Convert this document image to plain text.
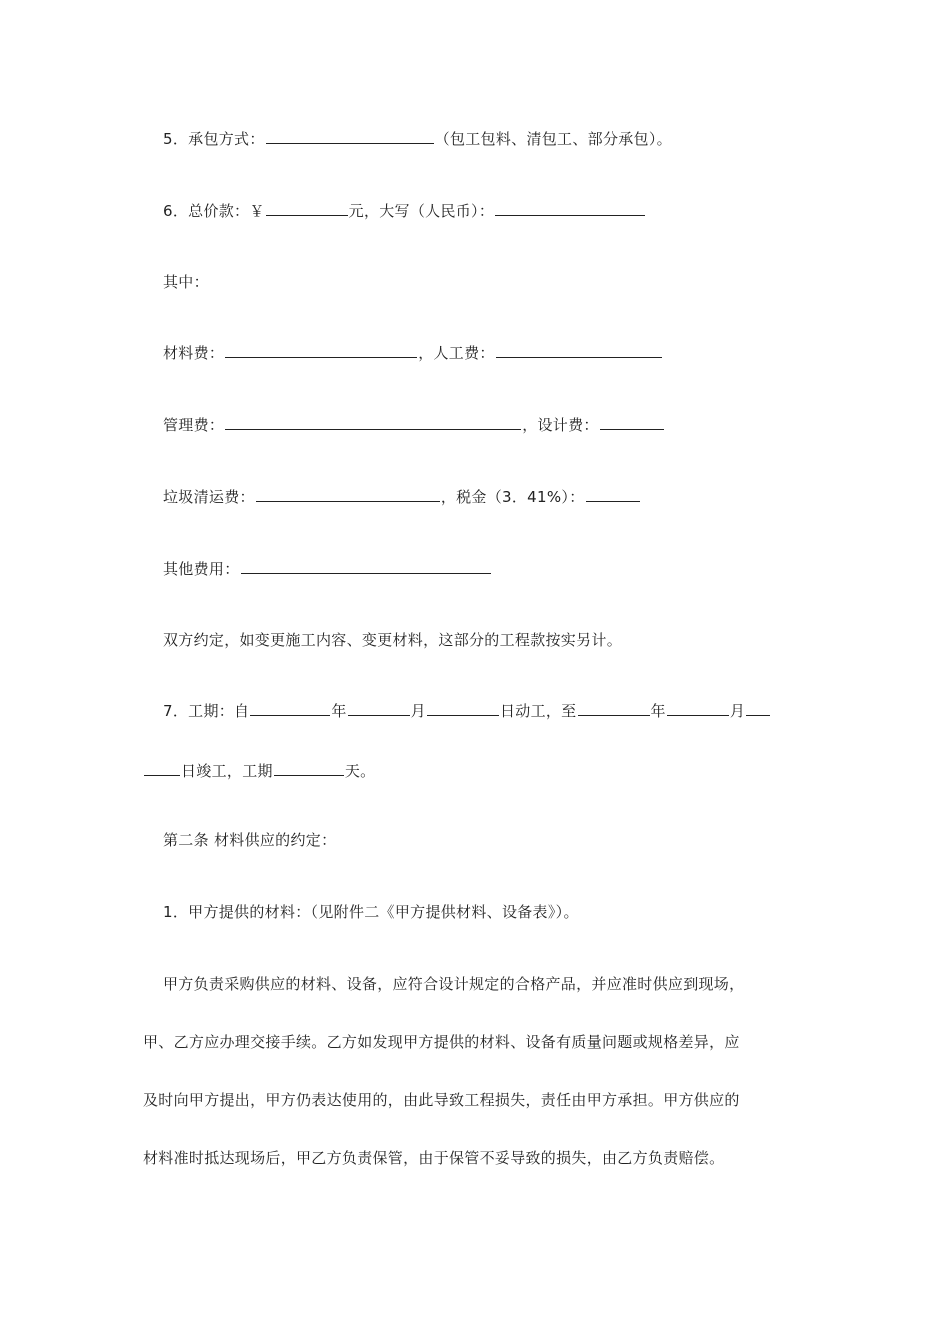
5．承包方式：	（包工包料、清包工、部分承包）。
6．总价款：￥	元，大写（人民币）：
其中：
材料费：	，人工费：
管理费：	，设计费：
垃圾清运费：	，税金（3．41%）：
其他费用：
双方约定，如变更施工内容、变更材料，这部分的工程款按实另计。
7．工期：自	年	月	日动工，至	年	月
日竣工，工期	天。
第二条 材料供应的约定：
1．甲方提供的材料：（见附件二《甲方提供材料、设备表》）。
甲方负责采购供应的材料、设备，应符合设计规定的合格产品，并应准时供应到现场，
甲、乙方应办理交接手续。乙方如发现甲方提供的材料、设备有质量问题或规格差异，应
及时向甲方提出，甲方仍表达使用的，由此导致工程损失，责任由甲方承担。甲方供应的
材料准时抵达现场后，甲乙方负责保管，由于保管不妥导致的损失，由乙方负责赔偿。
